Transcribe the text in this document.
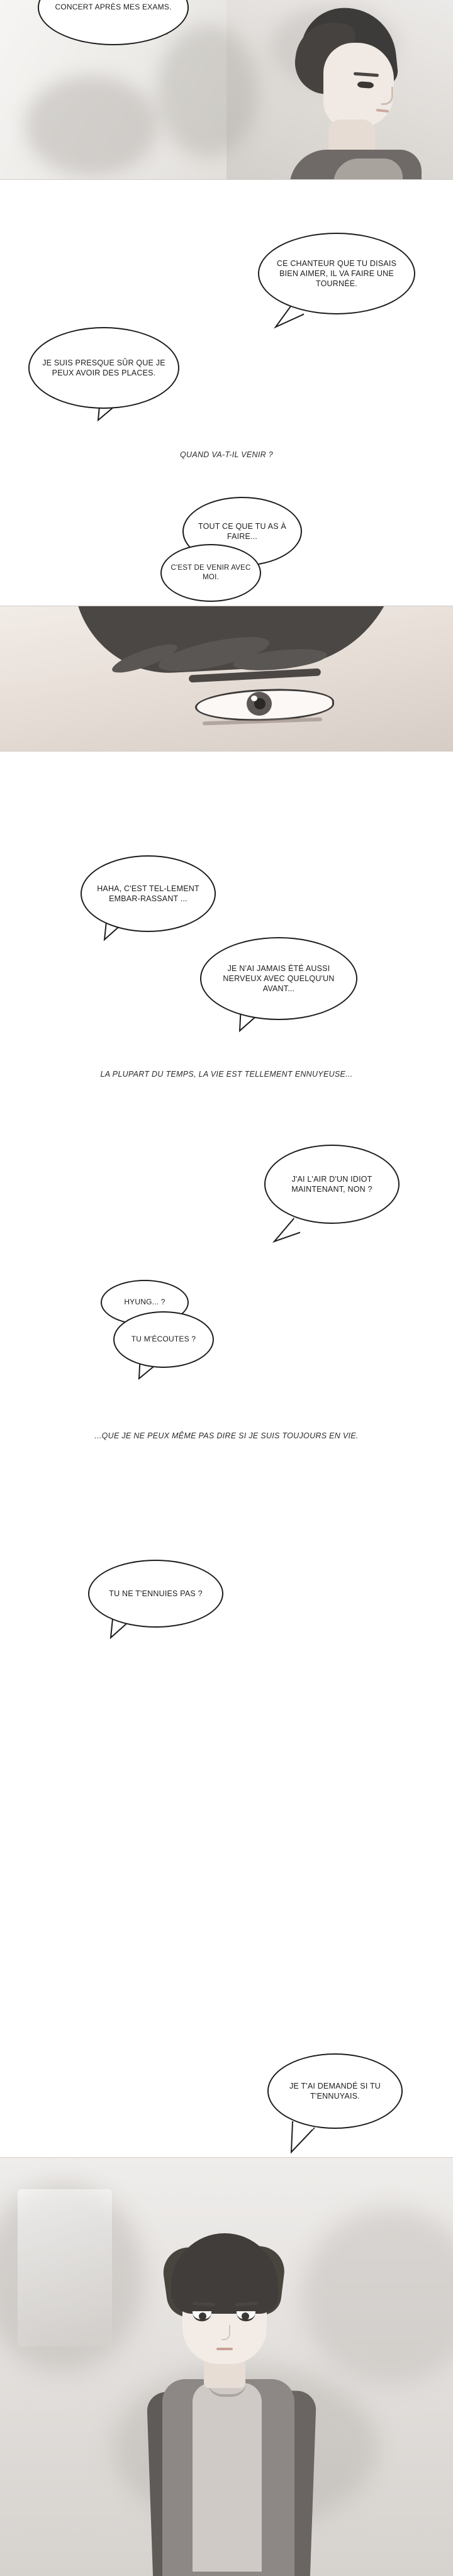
CONCERT APRÈS MES EXAMS.
CE CHANTEUR QUE TU DISAIS BIEN AIMER, IL VA FAIRE UNE TOURNÉE.
JE SUIS PRESQUE SÛR QUE JE PEUX AVOIR DES PLACES.
QUAND VA-T-IL VENIR ?
TOUT CE QUE TU AS À FAIRE...
C'EST DE VENIR AVEC MOI.
HAHA, C'EST TEL-LEMENT EMBAR-RASSANT ...
JE N'AI JAMAIS ÉTÉ AUSSI NERVEUX AVEC QUELQU'UN AVANT...
LA PLUPART DU TEMPS, LA VIE EST TELLEMENT ENNUYEUSE...
J'AI L'AIR D'UN IDIOT MAINTENANT, NON ?
HYUNG... ?
TU M'ÉCOUTES ?
...QUE JE NE PEUX MÊME PAS DIRE SI JE SUIS TOUJOURS EN VIE.
TU NE T'ENNUIES PAS ?
JE T'AI DEMANDÉ SI TU T'ENNUYAIS.
